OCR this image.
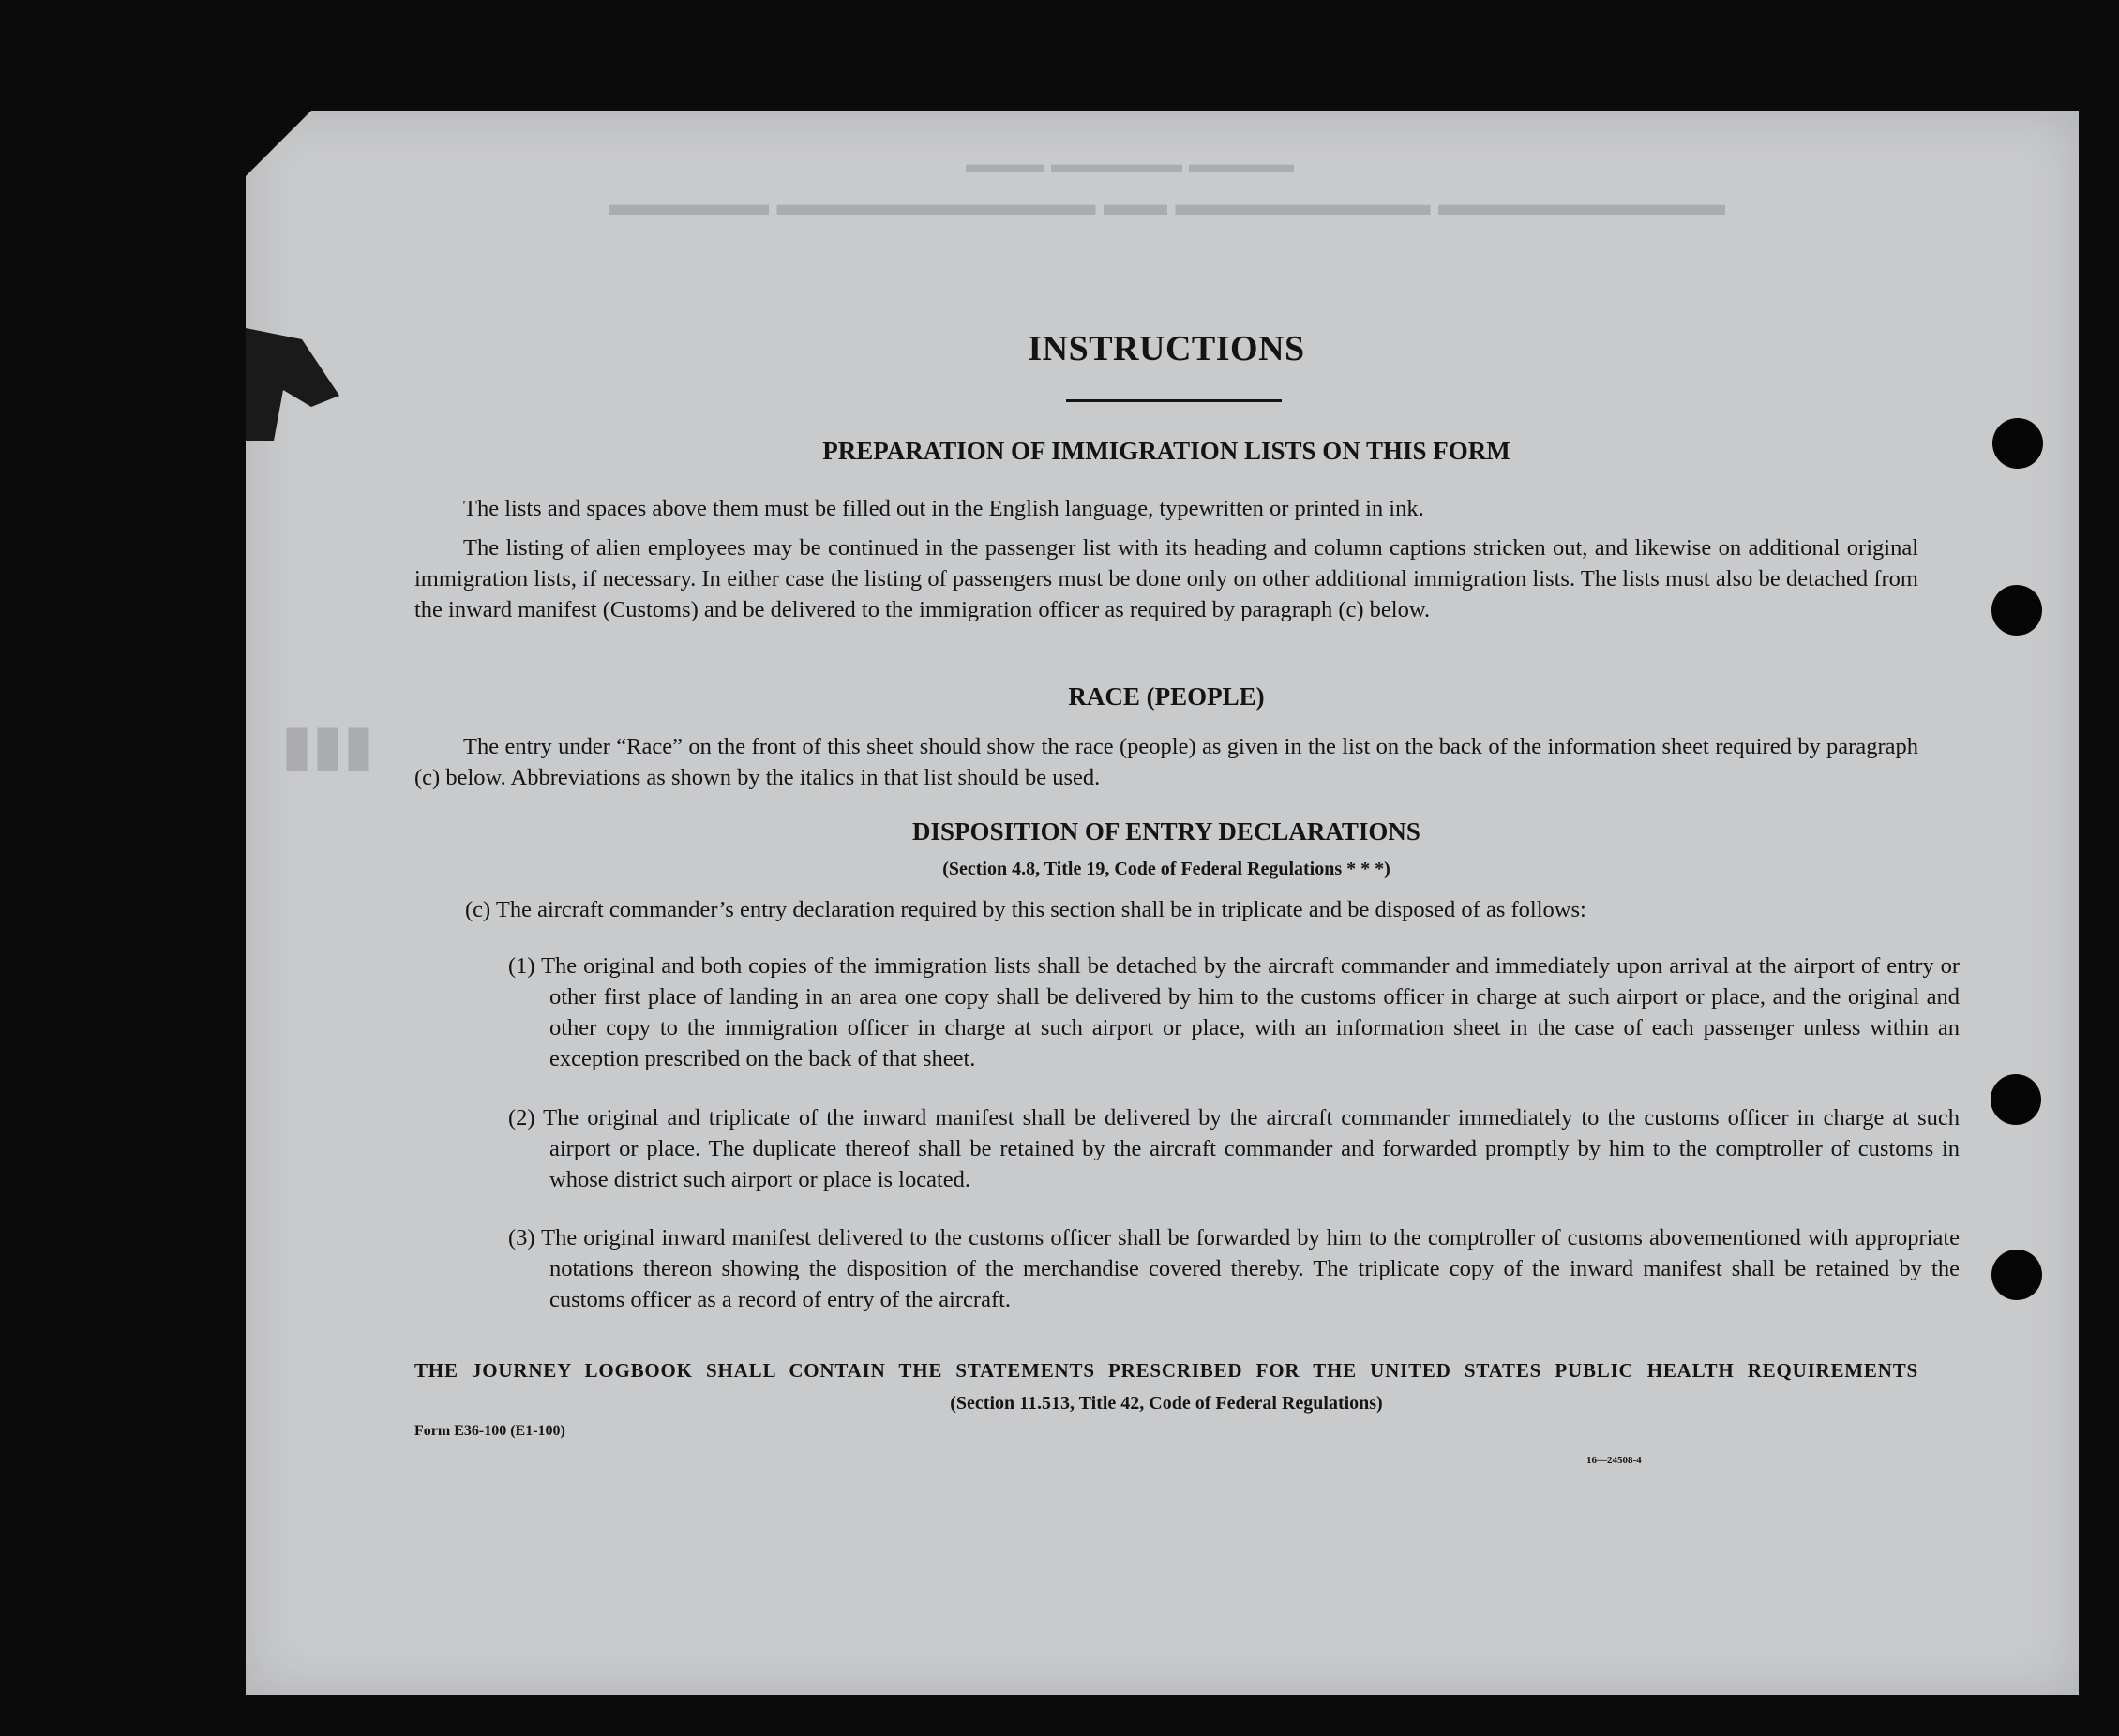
▬▬▬ ▬▬▬▬▬ ▬▬▬▬
▬▬▬▬▬ ▬▬▬▬▬▬▬▬▬▬ ▬▬ ▬▬▬▬▬▬▬▬ ▬▬▬▬▬▬▬▬▬
▮▮▮
INSTRUCTIONS
PREPARATION OF IMMIGRATION LISTS ON THIS FORM

The lists and spaces above them must be filled out in the English language, typewritten or printed in ink.

The listing of alien employees may be continued in the passenger list with its heading and column captions stricken out, and likewise on additional original immigration lists, if necessary. In either case the listing of passengers must be done only on other additional immigration lists. The lists must also be detached from the inward manifest (Customs) and be delivered to the immigration officer as required by paragraph (c) below.

RACE (PEOPLE)

The entry under “Race” on the front of this sheet should show the race (people) as given in the list on the back of the information sheet required by paragraph (c) below. Abbreviations as shown by the italics in that list should be used.

DISPOSITION OF ENTRY DECLARATIONS

(Section 4.8, Title 19, Code of Federal Regulations * * *)

(c) The aircraft commander’s entry declaration required by this section shall be in triplicate and be disposed of as follows:

(1) The original and both copies of the immigration lists shall be detached by the aircraft commander and immediately upon arrival at the airport of entry or other first place of landing in an area one copy shall be delivered by him to the customs officer in charge at such airport or place, and the original and other copy to the immigration officer in charge at such airport or place, with an information sheet in the case of each passenger unless within an exception prescribed on the back of that sheet.

(2) The original and triplicate of the inward manifest shall be delivered by the aircraft commander immediately to the customs officer in charge at such airport or place. The duplicate thereof shall be retained by the aircraft commander and forwarded promptly by him to the comptroller of customs in whose district such airport or place is located.

(3) The original inward manifest delivered to the customs officer shall be forwarded by him to the comptroller of customs abovementioned with appropriate notations thereon showing the disposition of the merchandise covered thereby. The triplicate copy of the inward manifest shall be retained by the customs officer as a record of entry of the aircraft.

THE JOURNEY LOGBOOK SHALL CONTAIN THE STATEMENTS PRESCRIBED FOR THE UNITED STATES PUBLIC HEALTH REQUIREMENTS

(Section 11.513, Title 42, Code of Federal Regulations)

Form E36-100 (E1-100)

16—24508-4
